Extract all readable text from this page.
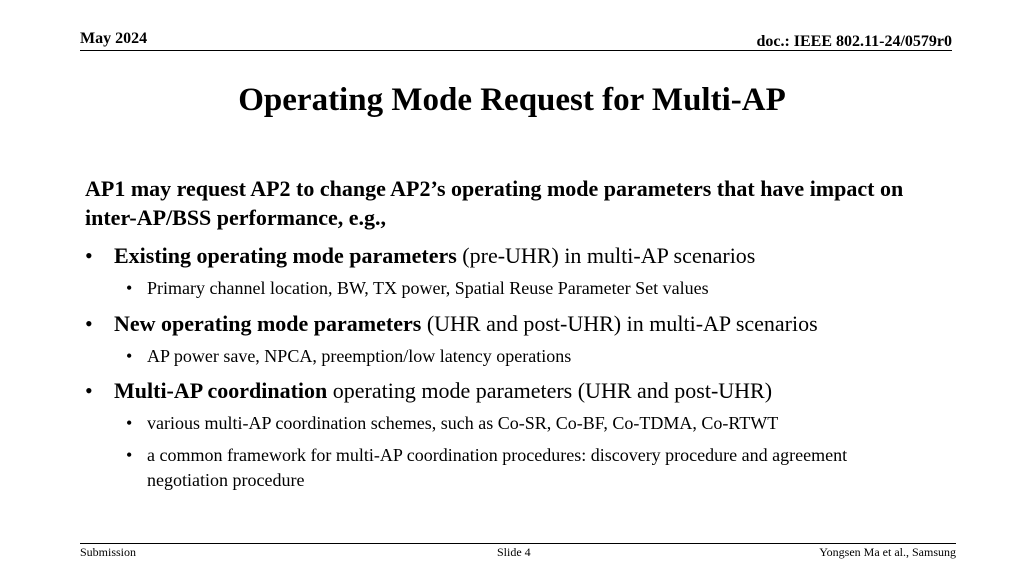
May 2024	doc.: IEEE 802.11-24/0579r0
Operating Mode Request for Multi-AP
AP1 may request AP2 to change AP2’s operating mode parameters that have impact on inter-AP/BSS performance, e.g.,
• Existing operating mode parameters (pre-UHR) in multi-AP scenarios
• Primary channel location, BW, TX power, Spatial Reuse Parameter Set values
• New operating mode parameters (UHR and post-UHR) in multi-AP scenarios
• AP power save, NPCA, preemption/low latency operations
• Multi-AP coordination operating mode parameters (UHR and post-UHR)
• various multi-AP coordination schemes, such as Co-SR, Co-BF, Co-TDMA, Co-RTWT
• a common framework for multi-AP coordination procedures: discovery procedure and agreement negotiation procedure
Submission	Slide 4	Yongsen Ma et al., Samsung
